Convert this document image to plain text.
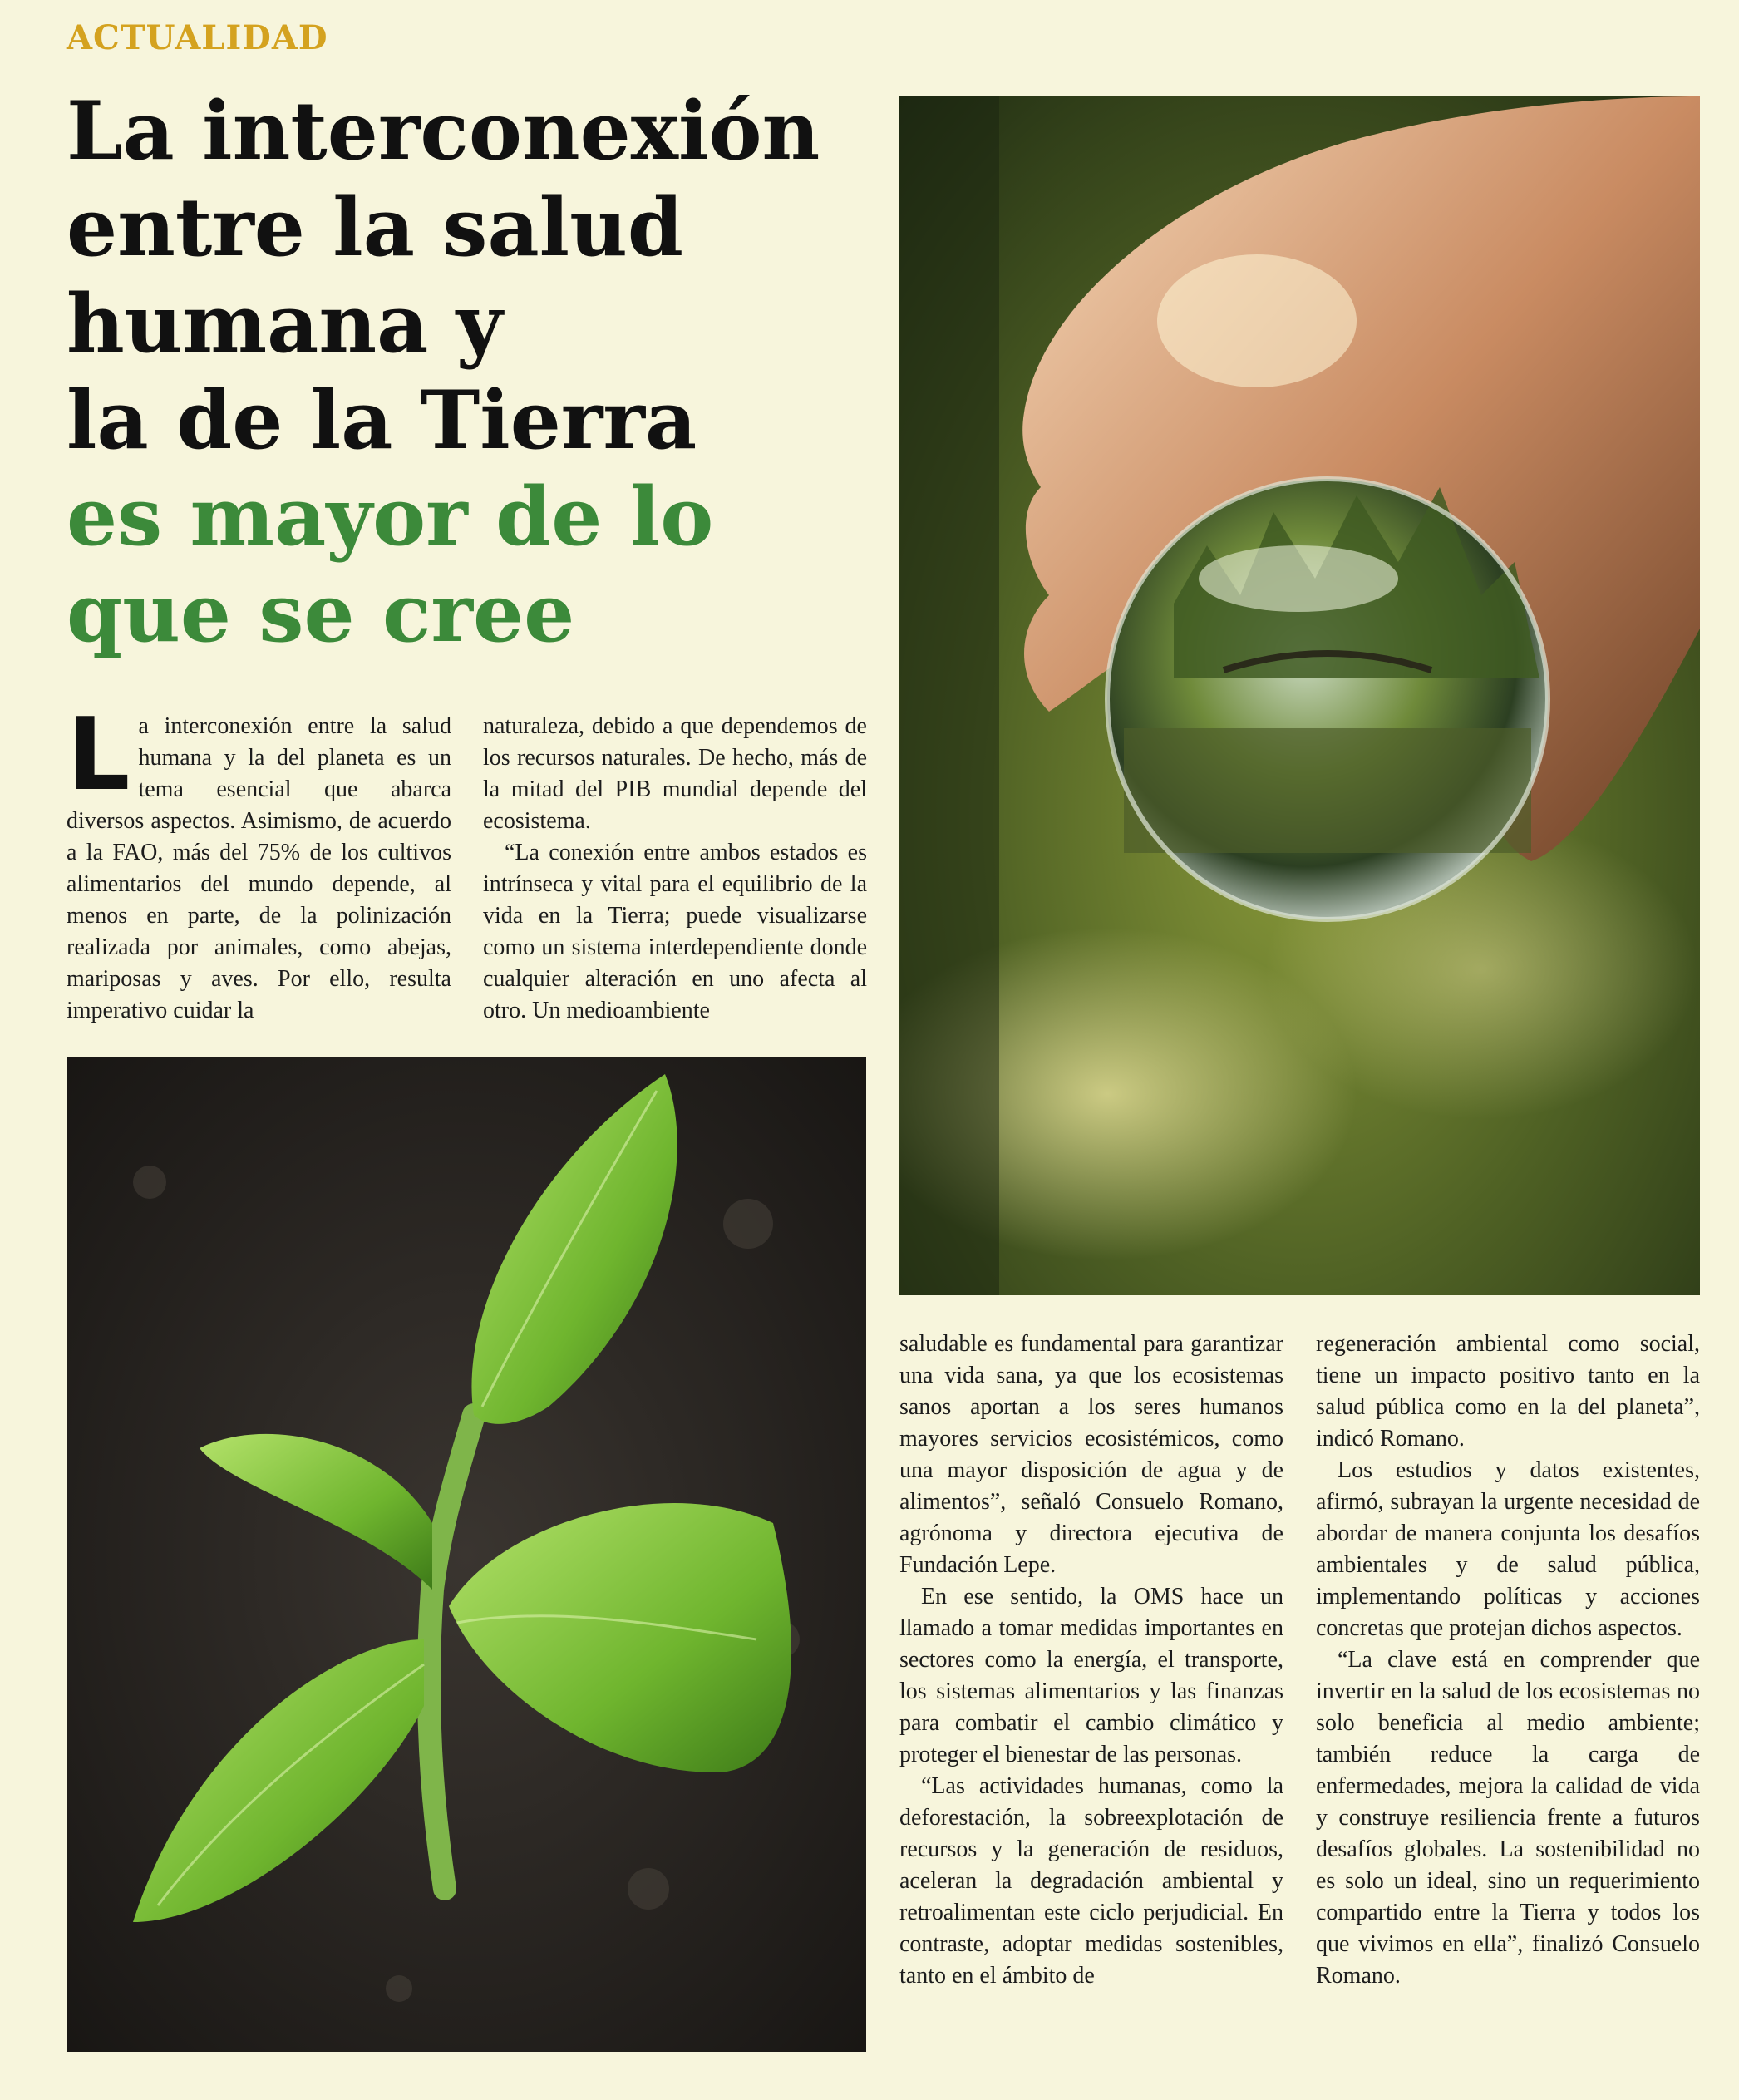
ACTUALIDAD
La interconexión
entre la salud
humana y
la de la Tierra
es mayor de lo
que se cree

La interconexión entre la salud humana y la del planeta es un tema esencial que abarca diversos aspectos. Asimismo, de acuerdo a la FAO, más del 75% de los cultivos alimentarios del mundo depende, al menos en parte, de la polinización realizada por animales, como abejas, mariposas y aves. Por ello, resulta imperativo cuidar la

naturaleza, debido a que dependemos de los recursos naturales. De hecho, más de la mitad del PIB mundial depende del ecosistema.

“La conexión entre ambos estados es intrínseca y vital para el equilibrio de la vida en la Tierra; puede visualizarse como un sistema interdependiente donde cualquier alteración en uno afecta al otro. Un medioambiente

saludable es fundamental para garantizar una vida sana, ya que los ecosistemas sanos aportan a los seres humanos mayores servicios ecosistémicos, como una mayor disposición de agua y de alimentos”, señaló Consuelo Romano, agrónoma y directora ejecutiva de Fundación Lepe.

En ese sentido, la OMS hace un llamado a tomar medidas importantes en sectores como la energía, el transporte, los sistemas alimentarios y las finanzas para combatir el cambio climático y proteger el bienestar de las personas.

“Las actividades humanas, como la deforestación, la sobreexplotación de recursos y la generación de residuos, aceleran la degradación ambiental y retroalimentan este ciclo perjudicial. En contraste, adoptar medidas sostenibles, tanto en el ámbito de

regeneración ambiental como social, tiene un impacto positivo tanto en la salud pública como en la del planeta”, indicó Romano.

Los estudios y datos existentes, afirmó, subrayan la urgente necesidad de abordar de manera conjunta los desafíos ambientales y de salud pública, implementando políticas y acciones concretas que protejan dichos aspectos.

“La clave está en comprender que invertir en la salud de los ecosistemas no solo beneficia al medio ambiente; también reduce la carga de enfermedades, mejora la calidad de vida y construye resiliencia frente a futuros desafíos globales. La sostenibilidad no es solo un ideal, sino un requerimiento compartido entre la Tierra y todos los que vivimos en ella”, finalizó Consuelo Romano.
